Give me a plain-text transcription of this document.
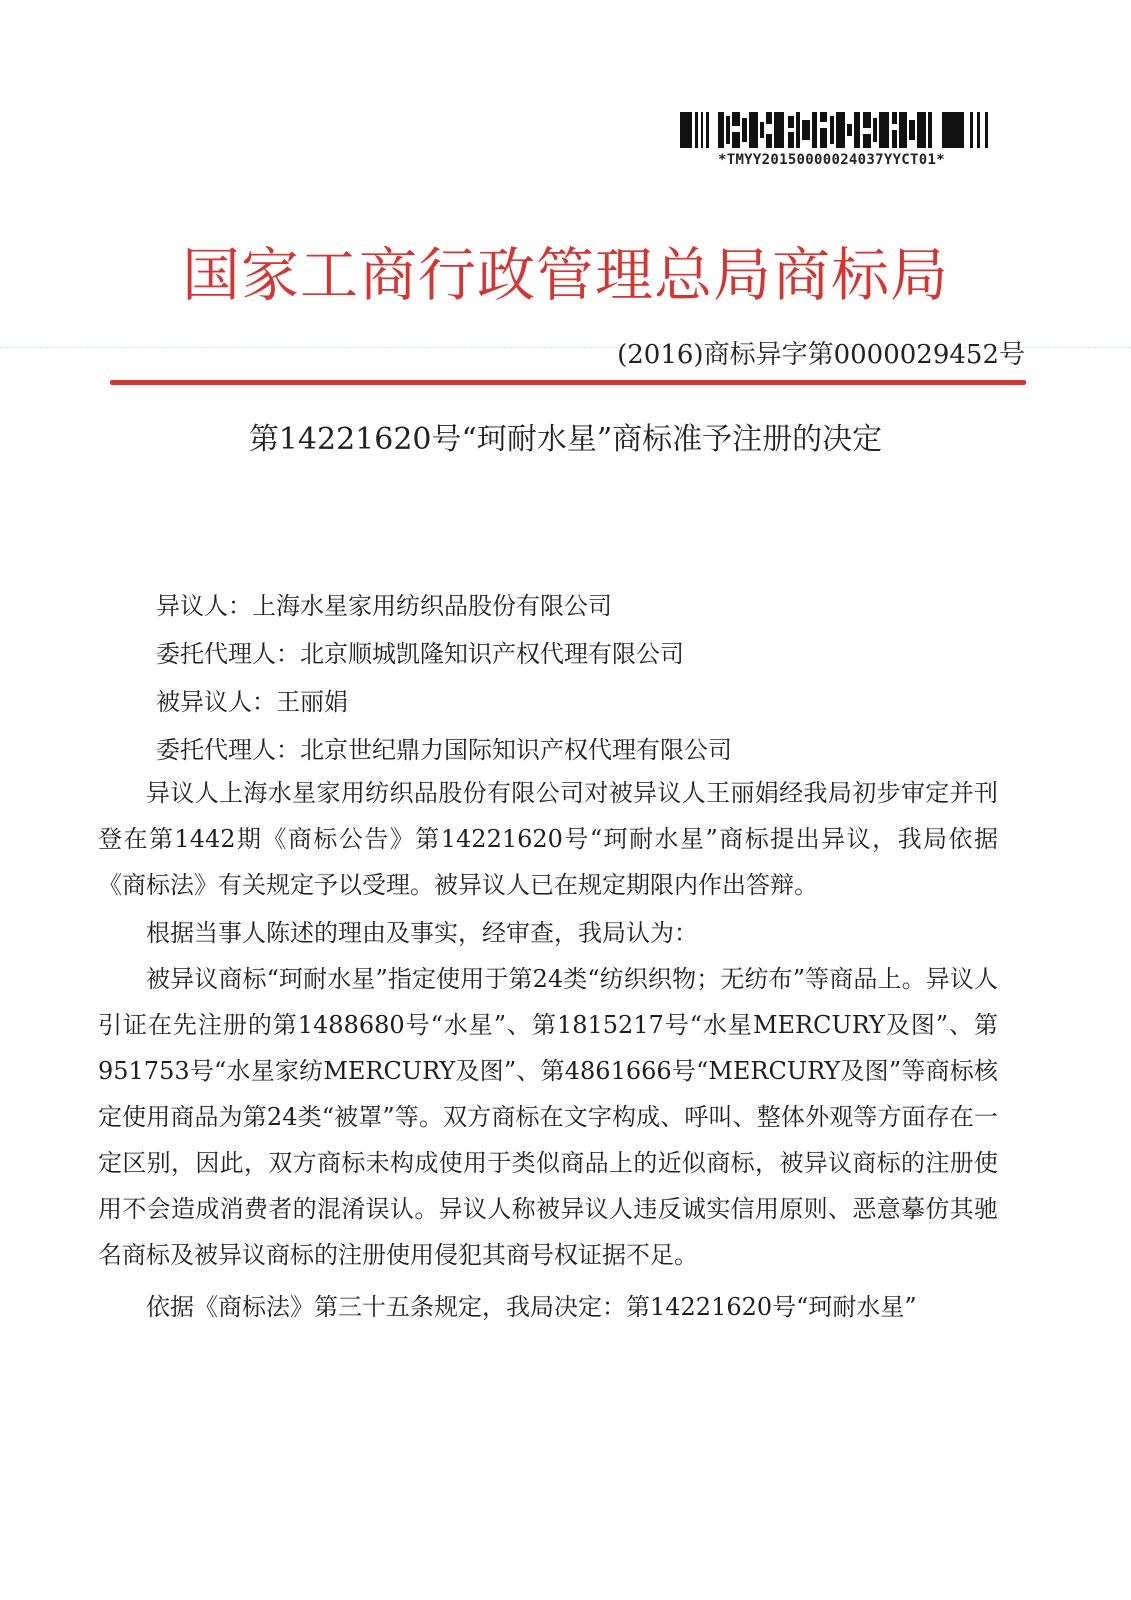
*TMYY20150000024037YYCT01*
国家工商行政管理总局商标局
(2016)商标异字第0000029452号
第14221620号“珂耐水星”商标准予注册的决定
异议人：上海水星家用纺织品股份有限公司
委托代理人：北京顺城凯隆知识产权代理有限公司
被异议人：王丽娟
委托代理人：北京世纪鼎力国际知识产权代理有限公司

异议人上海水星家用纺织品股份有限公司对被异议人王丽娟经我局初步审定并刊登在第1442期《商标公告》第14221620号“珂耐水星”商标提出异议，我局依据《商标法》有关规定予以受理。被异议人已在规定期限内作出答辩。

根据当事人陈述的理由及事实，经审查，我局认为：

被异议商标“珂耐水星”指定使用于第24类“纺织织物；无纺布”等商品上。异议人引证在先注册的第1488680号“水星”、第1815217号“水星MERCURY及图”、第951753号“水星家纺MERCURY及图”、第4861666号“MERCURY及图”等商标核定使用商品为第24类“被罩”等。双方商标在文字构成、呼叫、整体外观等方面存在一定区别，因此，双方商标未构成使用于类似商品上的近似商标，被异议商标的注册使用不会造成消费者的混淆误认。异议人称被异议人违反诚实信用原则、恶意摹仿其驰名商标及被异议商标的注册使用侵犯其商号权证据不足。

依据《商标法》第三十五条规定，我局决定：第14221620号“珂耐水星”
